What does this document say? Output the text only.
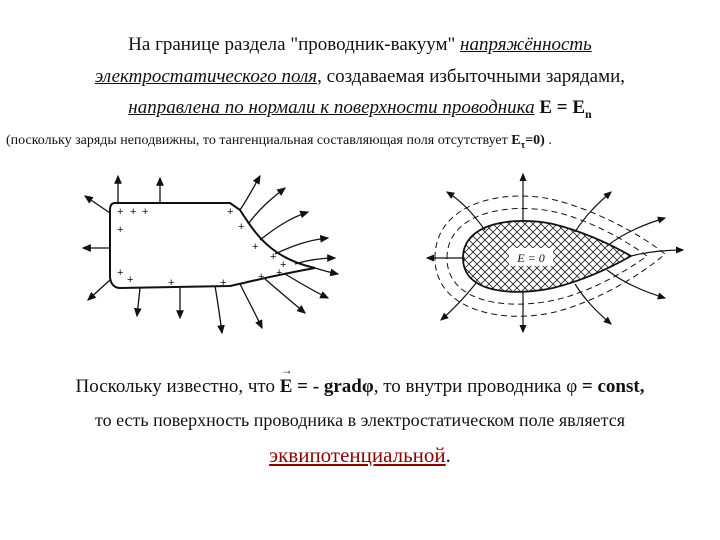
На границе раздела "проводник-вакуум" напряжённость
электростатического поля, создаваемая избыточными зарядами,
направлена по нормали к поверхности проводника $E = E_n$
(поскольку заряды неподвижны, то тангенциальная составляющая поля отсутствует $E_\tau=0$) .
+ + +	+
+
+
+
+
+
+
+
+	+	+ +
E = 0
Поскольку известно, что → E = - gradφ, то внутри проводника φ = const,
то есть поверхность проводника в электростатическом поле является
эквипотенциальной.
